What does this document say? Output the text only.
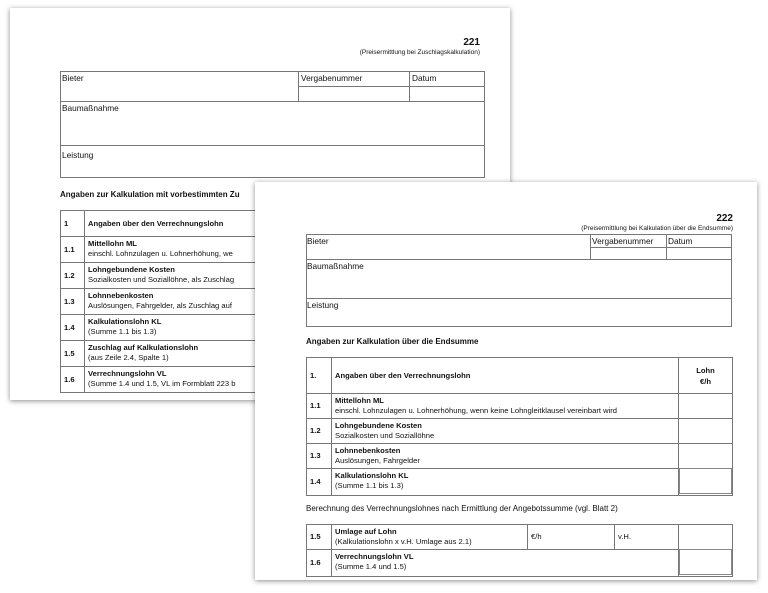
221
(Preisermittlung bei Zuschlagskalkulation)
Bieter	Vergabenummer	Datum
Baumaßnahme
Leistung
Angaben zur Kalkulation mit vorbestimmten Zu
1	Angaben über den Verrechnungslohn
1.1	Mittellohn ML
einschl. Lohnzulagen u. Lohnerhöhung, we
1.2	Lohngebundene Kosten
Sozialkosten und Soziallöhne, als Zuschlag
1.3	Lohnnebenkosten
Auslösungen, Fahrgelder, als Zuschlag auf
1.4	Kalkulationslohn KL
(Summe 1.1 bis 1.3)
1.5	Zuschlag auf Kalkulationslohn
(aus Zeile 2.4, Spalte 1)
1.6	Verrechnungslohn VL
(Summe 1.4 und 1.5, VL im Formblatt 223 b
222
(Preisermittlung bei Kalkulation über die Endsumme)
Bieter	Vergabenummer Datum
Baumaßnahme
Leistung
Angaben zur Kalkulation über die Endsumme
1.	Angaben über den Verrechnungslohn	Lohn
€/h
1.1	Mittellohn ML
einschl. Lohnzulagen u. Lohnerhöhung, wenn keine Lohngleitklausel vereinbart wird	
1.2	Lohngebundene Kosten
Sozialkosten und Soziallöhne	
1.3	Lohnnebenkosten
Auslösungen, Fahrgelder	
1.4	Kalkulationslohn KL
(Summe 1.1 bis 1.3)	
Berechnung des Verrechnungslohnes nach Ermittlung der Angebotssumme (vgl. Blatt 2)
1.5	Umlage auf Lohn
(Kalkulationslohn x v.H. Umlage aus 2.1)	€/h	v.H.	
1.6	Verrechnungslohn VL
(Summe 1.4 und 1.5)			
